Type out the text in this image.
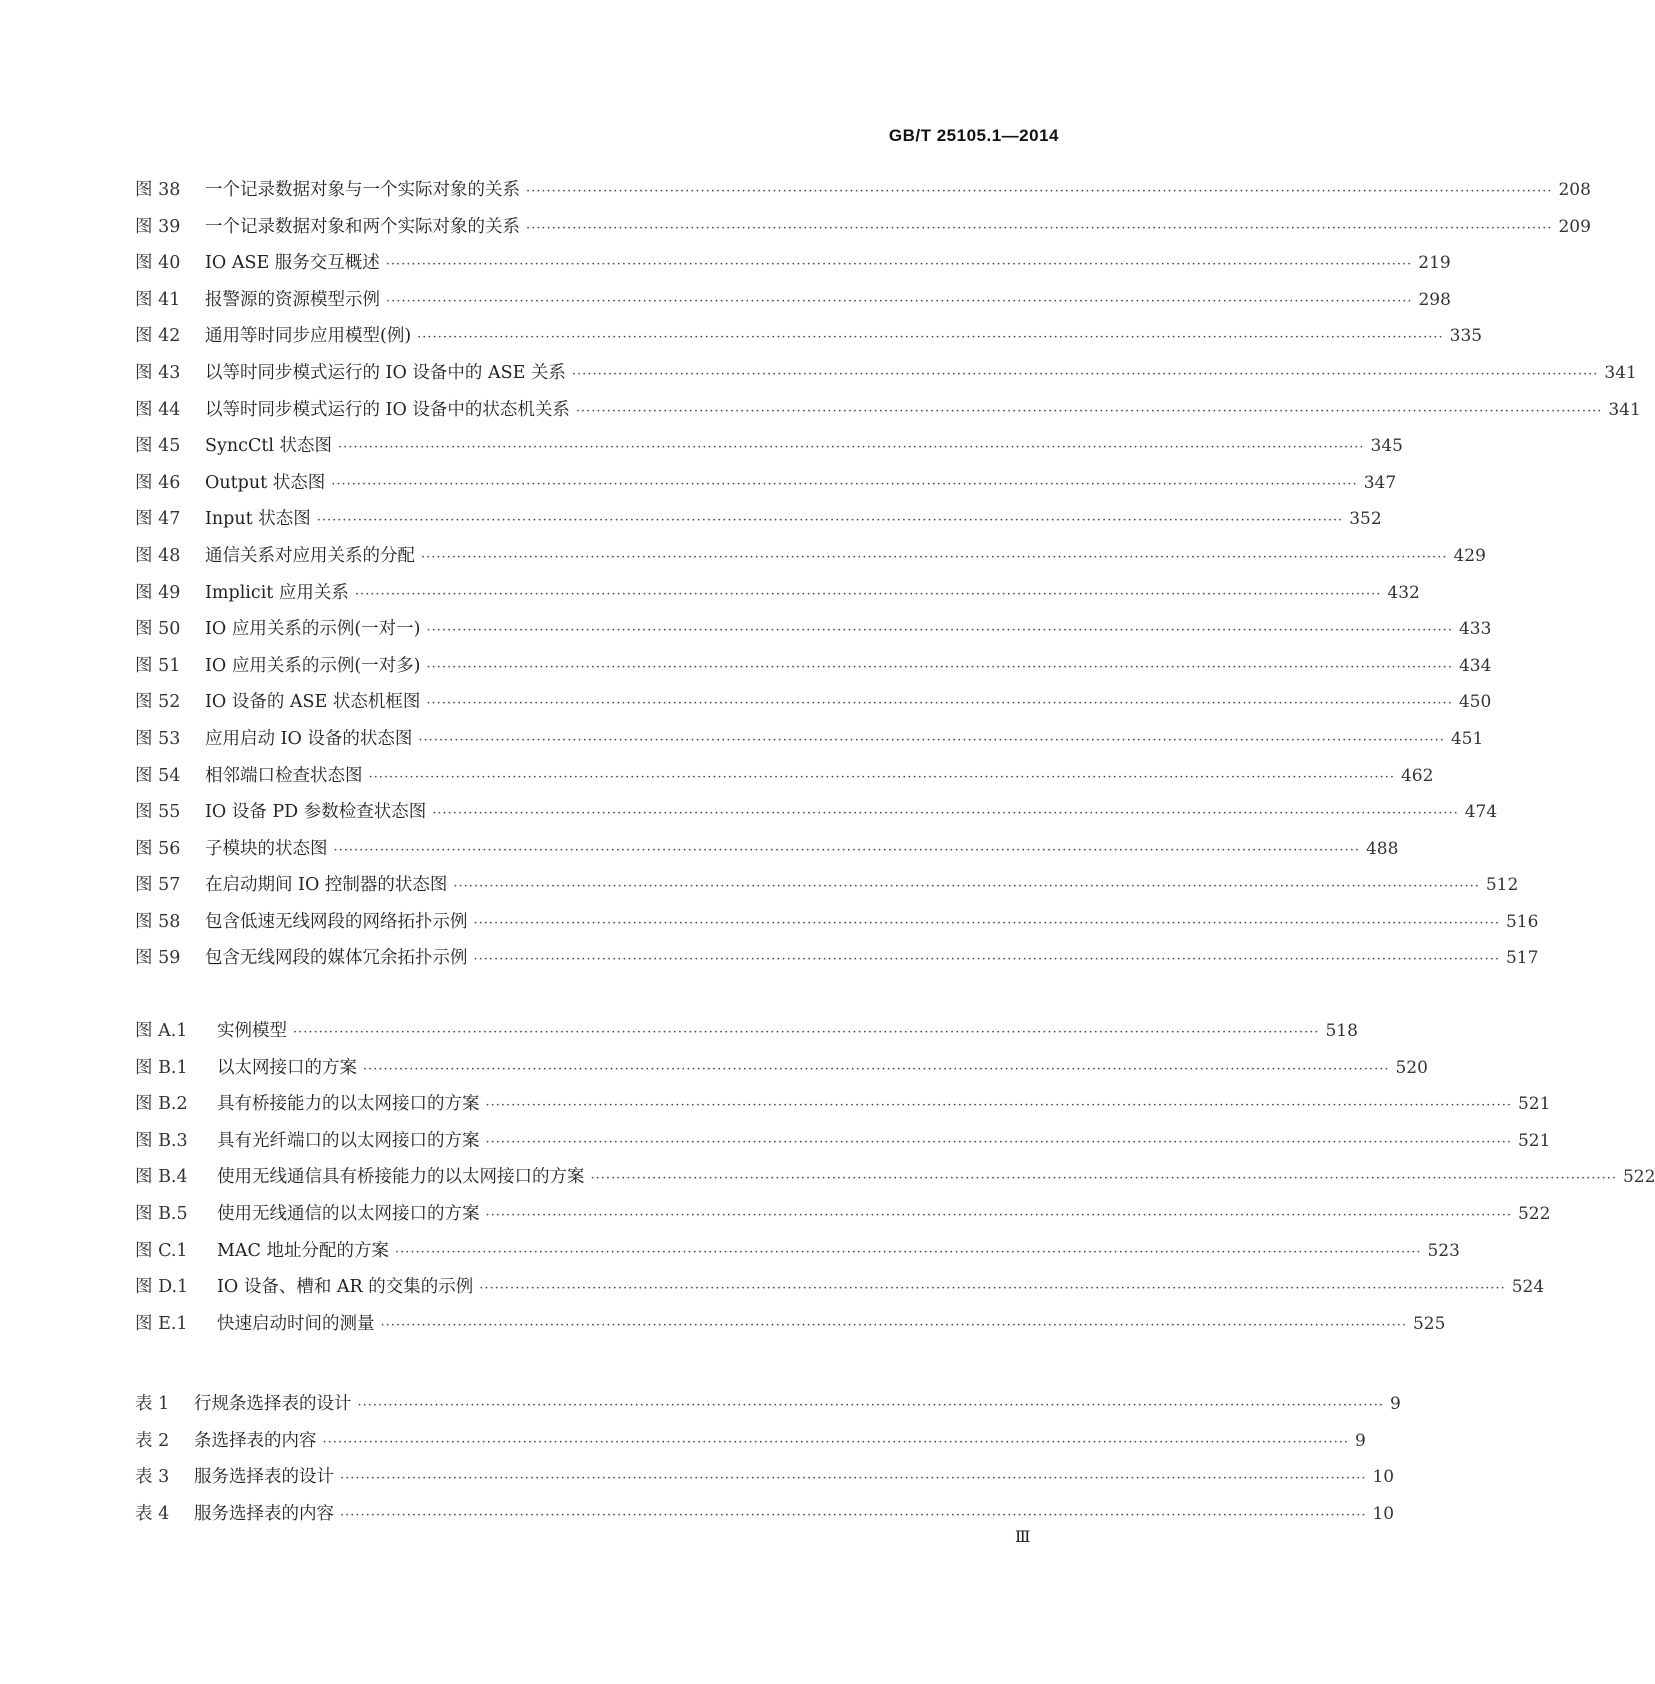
GB/T 25105.1—2014
图 38	一个记录数据对象与一个实际对象的关系 ········································································································································································································ 208
图 39	一个记录数据对象和两个实际对象的关系 ········································································································································································································ 209
图 40	IO ASE 服务交互概述 ········································································································································································································ 219
图 41	报警源的资源模型示例 ········································································································································································································ 298
图 42	通用等时同步应用模型(例) ········································································································································································································ 335
图 43	以等时同步模式运行的 IO 设备中的 ASE 关系 ········································································································································································································ 341
图 44	以等时同步模式运行的 IO 设备中的状态机关系 ········································································································································································································ 341
图 45	SyncCtl 状态图 ········································································································································································································ 345
图 46	Output 状态图 ········································································································································································································ 347
图 47	Input 状态图 ········································································································································································································ 352
图 48	通信关系对应用关系的分配 ········································································································································································································ 429
图 49	Implicit 应用关系 ········································································································································································································ 432
图 50	IO 应用关系的示例(一对一) ········································································································································································································ 433
图 51	IO 应用关系的示例(一对多) ········································································································································································································ 434
图 52	IO 设备的 ASE 状态机框图 ········································································································································································································ 450
图 53	应用启动 IO 设备的状态图 ········································································································································································································ 451
图 54	相邻端口检查状态图 ········································································································································································································ 462
图 55	IO 设备 PD 参数检查状态图 ········································································································································································································ 474
图 56	子模块的状态图 ········································································································································································································ 488
图 57	在启动期间 IO 控制器的状态图 ········································································································································································································ 512
图 58	包含低速无线网段的网络拓扑示例 ········································································································································································································ 516
图 59	包含无线网段的媒体冗余拓扑示例 ········································································································································································································ 517
图 A.1	实例模型 ········································································································································································································ 518
图 B.1	以太网接口的方案 ········································································································································································································ 520
图 B.2	具有桥接能力的以太网接口的方案 ········································································································································································································ 521
图 B.3	具有光纤端口的以太网接口的方案 ········································································································································································································ 521
图 B.4	使用无线通信具有桥接能力的以太网接口的方案 ········································································································································································································ 522
图 B.5	使用无线通信的以太网接口的方案 ········································································································································································································ 522
图 C.1	MAC 地址分配的方案 ········································································································································································································ 523
图 D.1	IO 设备、槽和 AR 的交集的示例 ········································································································································································································ 524
图 E.1	快速启动时间的测量 ········································································································································································································ 525
表 1	行规条选择表的设计 ········································································································································································································ 9
表 2	条选择表的内容 ········································································································································································································ 9
表 3	服务选择表的设计 ········································································································································································································ 10
表 4	服务选择表的内容 ········································································································································································································ 10
Ⅲ
